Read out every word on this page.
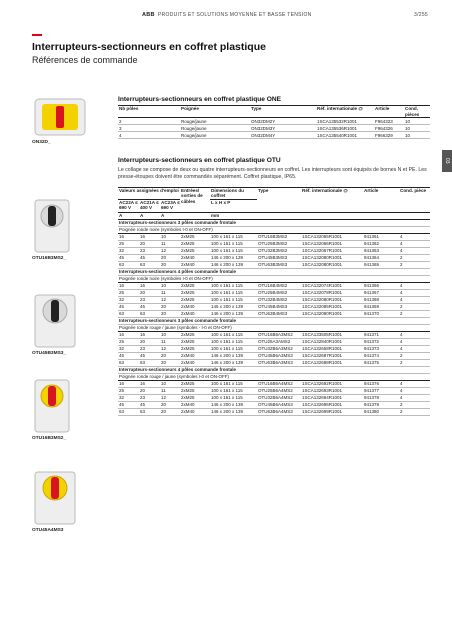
ABB PRODUITS ET SOLUTIONS MOYENNE ET BASSE TENSION	3/255
Interrupteurs-sectionneurs en coffret plastique
Références de commande
03
Interrupteurs-sectionneurs en coffret plastique ONE
Nb pôles	Poignée	Type	Réf. internationale @	Article	Cond. pièces
2	Rouge/jaune	ON32DM2Y	1SCA135532R1001	F964323	10
3	Rouge/jaune	ON32DM3Y	1SCA135536R1001	F964326	10
4	Rouge/jaune	ON32DM4Y	1SCA135540R1001	F966329	10
Interrupteurs-sectionneurs en coffret plastique OTU
Le collage se compose de deux ou quatre interrupteurs-sectionneurs en coffret. Les interrupteurs sont équipés de bornes N et PE. Les presse-étoupes doivent être commandés séparément. Coffret plastique, IP65.
Valeurs assignées d'emploi			Entrées/ sorties de câbles	Dimensions du coffret	Type	Réf. internationale @	Article	Cond. pièce
AC22A ≤ 690 V	AC21A ≤ 400 V	AC23A ≤ 690 V		L x H x P				
A	A	A		mm				
Interrupteurs-sectionneurs 3 pôles commande frontale								
Poignée ronde noire (symboles I-0 et ON-OFF)								
16	16	10	2xM25	100 x 161 x 115	OTU16B3MS2	1SCA132065R1001	941361	4
25	20	11	2xM25	100 x 161 x 115	OTU25B3MS2	1SCA132066R1001	941362	4
32	23	12	2xM25	100 x 161 x 115	OTU32B3MS2	1SCA132067R1001	941363	4
45	45	20	2xM40	146 x 200 x 139	OTU45B3MS3	1SCA132080R1001	941364	2
63	63	20	2xM40	146 x 200 x 139	OTU63B3MS3	1SCA132080R1001	941365	2
Interrupteurs-sectionneurs 4 pôles commande frontale								
Poignée ronde noire (symboles I-0 et ON-OFF)								
16	16	10	2xM25	100 x 161 x 115	OTU16B4MS2	1SCA132074R1001	941366	4
25	20	11	2xM25	100 x 161 x 115	OTU25B4MS2	1SCA132078R1001	941367	4
32	23	12	2xM25	100 x 161 x 115	OTU32B4MS2	1SCA132080R1001	941368	4
45	45	20	2xM40	146 x 200 x 139	OTU45B4MS3	1SCA132085R1001	941369	2
63	63	20	2xM40	146 x 200 x 139	OTU63B4MS3	1SCA132090R1001	941370	2
Interrupteurs-sectionneurs 3 pôles commande frontale								
Poignée ronde rouge / jaune (symboles - I-0 et ON-OFF)								
16	16	10	2xM25	100 x 161 x 115	OTU16B6A3MS2	1SCA133505R1001	941371	4
25	20	11	2xM25	100 x 161 x 115	OTU25A3AMS2	1SCA132840R1001	941372	4
32	23	12	2xM25	100 x 161 x 115	OTU32B6A3MS2	1SCA132658R1001	941373	4
45	45	20	2xM40	146 x 200 x 139	OTU45B6A3MS3	1SCA132687R1001	941374	2
63	63	20	2xM40	146 x 200 x 139	OTU63B6A3MS3	1SCA132688R1001	941375	2
Interrupteurs-sectionneurs 4 pôles commande frontale								
Poignée ronde rouge / jaune (symboles I-0 et ON-OFF)								
16	16	10	2xM25	100 x 161 x 115	OTU16B6A4MS2	1SCA132692R1001	941376	4
25	20	11	2xM25	100 x 161 x 115	OTU25B6A4MS2	1SCA132693R1001	941377	4
32	23	12	2xM25	100 x 161 x 115	OTU32B6A4MS2	1SCA132694R1001	941378	4
45	45	20	2xM40	146 x 200 x 139	OTU45B6A4MS3	1SCA132695R1001	941379	2
63	63	20	2xM40	146 x 200 x 139	OTU63B6A4MS3	1SCA132699R1001	941380	2
ON32D_
OTU16B3MS2_
OTU45B3MS3_
OTU16B3MS2_
OTU45A4MS3
